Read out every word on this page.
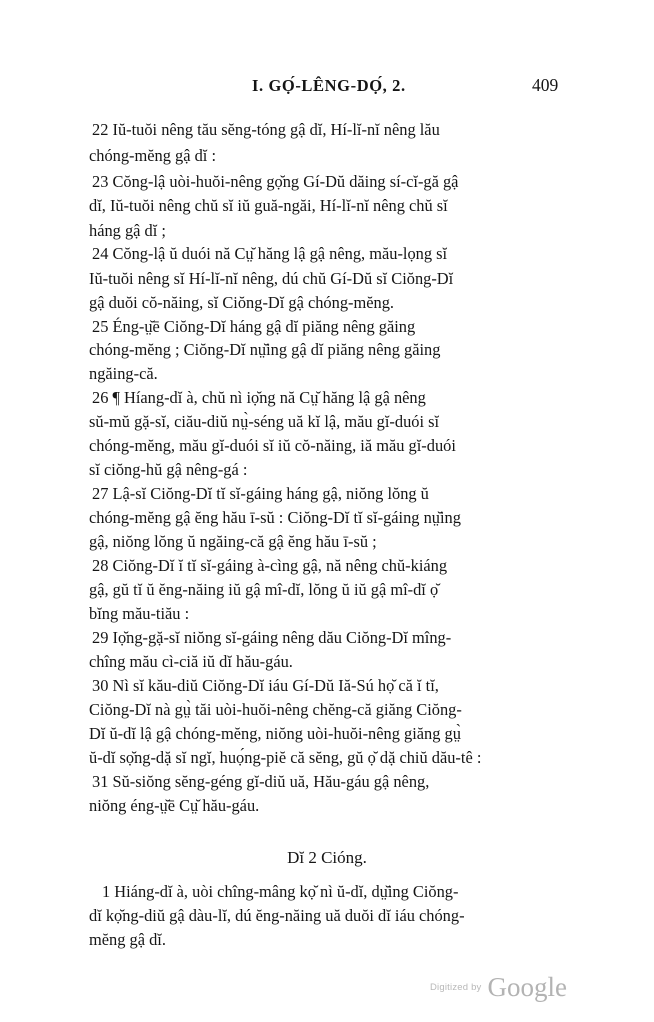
I. GỌ́-LÊNG-DỌ́, 2.	409
22 Iŭ-tuŏi nêng tău sĕng-tóng gậ dĭ, Hí-lĭ-nĭ nêng lău
chóng-mĕng gậ dĭ :
23 Cŏng-lậ uòi-huŏi-nêng gọ̆ng Gí-Dŭ dăing sí-cĭ-gă gậ
dĭ, Iŭ-tuŏi nêng chŭ sĭ iŭ guă-ngăi, Hí-lĭ-nĭ nêng chŭ sĭ
háng gậ dĭ ;
24 Cŏng-lậ ŭ duói nă Cṳ̆ hăng lậ gậ nêng, mău-lọng sĭ
Iŭ-tuŏi nêng sĭ Hí-lĭ-nĭ nêng, dú chŭ Gí-Dŭ sĭ Ciŏng-Dĭ
gậ duŏi cŏ-năing, sĭ Ciŏng-Dĭ gậ chóng-mĕng.
25 Éng-ṳ̆ē Ciŏng-Dĭ háng gậ dĭ piăng nêng găing
chóng-mĕng ; Ciŏng-Dĭ nṳ̆ing gậ dĭ piăng nêng găing
ngăing-că.
26 ¶ Híang-dĭ à, chŭ nì iọ̆ng nă Cṳ̆ hăng lậ gậ nêng
sŭ-mŭ gặ-sĭ, ciău-diŭ nṳ̀-séng uă kĭ lậ, mău gĭ-duói sĭ
chóng-mĕng, mău gĭ-duói sĭ iŭ cŏ-năing, iă mău gĭ-duói
sĭ ciŏng-hŭ gậ nêng-gá :
27 Lậ-sĭ Ciŏng-Dĭ tĭ sĭ-gáing háng gậ, niŏng lŏng ŭ
chóng-mĕng gậ ĕng hău ī-sŭ : Ciŏng-Dĭ tĭ sĭ-gáing nṳ̆ing
gậ, niŏng lŏng ŭ ngăing-că gậ ĕng hău ī-sŭ ;
28 Ciŏng-Dĭ ĭ tĭ sĭ-gáing à-cìng gậ, nă nêng chŭ-kiáng
gậ, gŭ tĭ ŭ ĕng-năing iŭ gậ mî-dĭ, lŏng ŭ iŭ gậ mî-dĭ ọ̆
bĭng mău-tiău :
29 Iọ̆ng-gặ-sĭ niŏng sĭ-gáing nêng dău Ciŏng-Dĭ mîng-
chîng mău cì-ciă iŭ dĭ hău-gáu.
30 Nì sĭ kău-diŭ Ciŏng-Dĭ iáu Gí-Dŭ Iă-Sú họ̆ că ĭ tĭ,
Ciŏng-Dĭ nà gṳ̀ tăi uòi-huŏi-nêng chĕng-că giăng Ciŏng-
Dĭ ŭ-dĭ lậ gậ chóng-mĕng, niŏng uòi-huŏi-nêng giăng gṳ̀
ŭ-dĭ sọ̆ng-dặ sĭ ngĭ, huọ́ng-piĕ că sĕng, gŭ ọ̆ dặ chiŭ dău-tê :
31 Sŭ-siŏng sĕng-géng gĭ-diŭ uă, Hău-gáu gậ nêng,
niŏng éng-ṳ̆ē Cṳ̆ hău-gáu.
Dĭ 2 Cióng.
1 Hiáng-dĭ à, uòi chîng-mâng kọ̆ nì ŭ-dĭ, dṳ̆ing Ciŏng-
dĭ kọ̆ng-diŭ gậ dàu-lĭ, dú ĕng-năing uă duŏi dĭ iáu chóng-
mĕng gậ dĭ.
Digitized by Google
